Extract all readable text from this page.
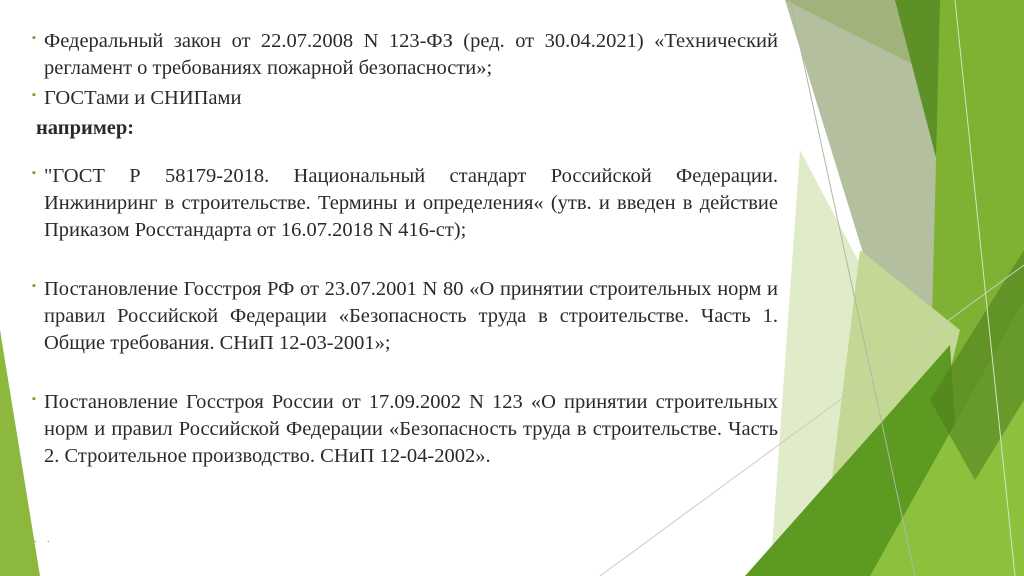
▪ Федеральный закон от 22.07.2008 N 123-ФЗ (ред. от 30.04.2021) «Технический регламент о требованиях пожарной безопасности»;

▪ ГОСТами и СНИПами

например:

▪ "ГОСТ Р 58179-2018. Национальный стандарт Российской Федерации. Инжиниринг в строительстве. Термины и определения« (утв. и введен в действие Приказом Росстандарта от 16.07.2018 N 416-ст);

▪ Постановление Госстроя РФ от 23.07.2001 N 80 «О принятии строительных норм и правил Российской Федерации «Безопасность труда в строительстве. Часть 1. Общие требования. СНиП 12-03-2001»;

▪ Постановление Госстроя России от 17.09.2002 N 123 «О принятии строительных норм и правил Российской Федерации «Безопасность труда в строительстве. Часть 2. Строительное производство. СНиП 12-04-2002».

. .
